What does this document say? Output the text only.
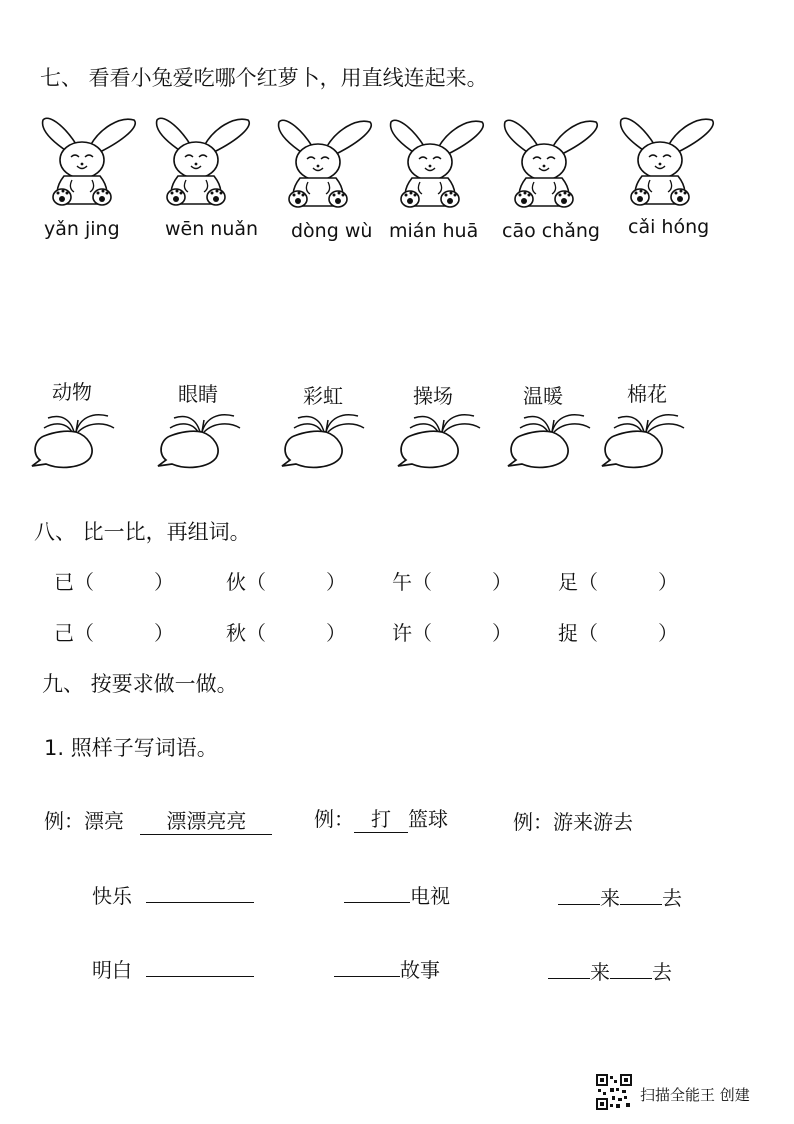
七、 看看小兔爱吃哪个红萝卜，用直线连起来。
yǎn jing wēn nuǎn dòng wù mián huā cāo chǎng cǎi hóng
动物	眼睛	彩虹	操场	温暖	棉花
八、 比一比，再组词。
已（　　　）	伙（　　　） 午（　　　） 足（　　　）
己（　　　）	秋（　　　） 许（　　　） 捉（　　　）
九、 按要求做一做。
1. 照样子写词语。
例：漂亮 漂漂亮亮	例： 打 篮球	例：游来游去
快乐	电视	来 去
明白	故事	来 去
扫描全能王 创建
